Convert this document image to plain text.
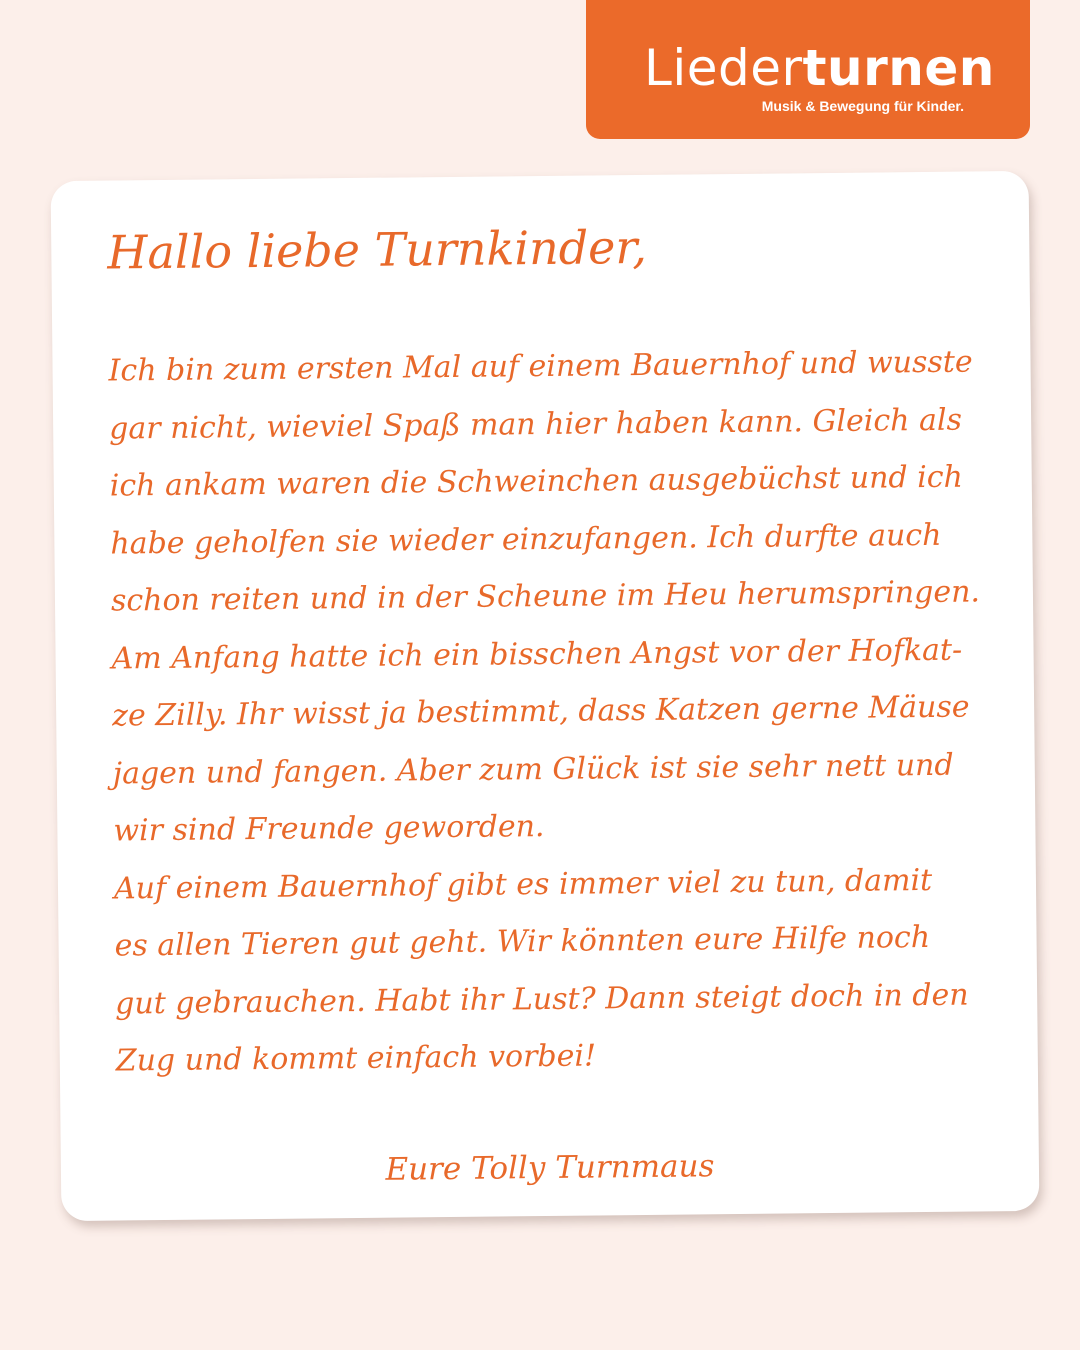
Liederturnen
Musik & Bewegung für Kinder.
Hallo liebe Turnkinder,

Ich bin zum ersten Mal auf einem Bauernhof und wusste
gar nicht, wieviel Spaß man hier haben kann. Gleich als
ich ankam waren die Schweinchen ausgebüchst und ich
habe geholfen sie wieder einzufangen. Ich durfte auch
schon reiten und in der Scheune im Heu herumspringen.
Am Anfang hatte ich ein bisschen Angst vor der Hofkat-
ze Zilly. Ihr wisst ja bestimmt, dass Katzen gerne Mäuse
jagen und fangen. Aber zum Glück ist sie sehr nett und
wir sind Freunde geworden.
Auf einem Bauernhof gibt es immer viel zu tun, damit
es allen Tieren gut geht. Wir könnten eure Hilfe noch
gut gebrauchen. Habt ihr Lust? Dann steigt doch in den
Zug und kommt einfach vorbei!

Eure Tolly Turnmaus
